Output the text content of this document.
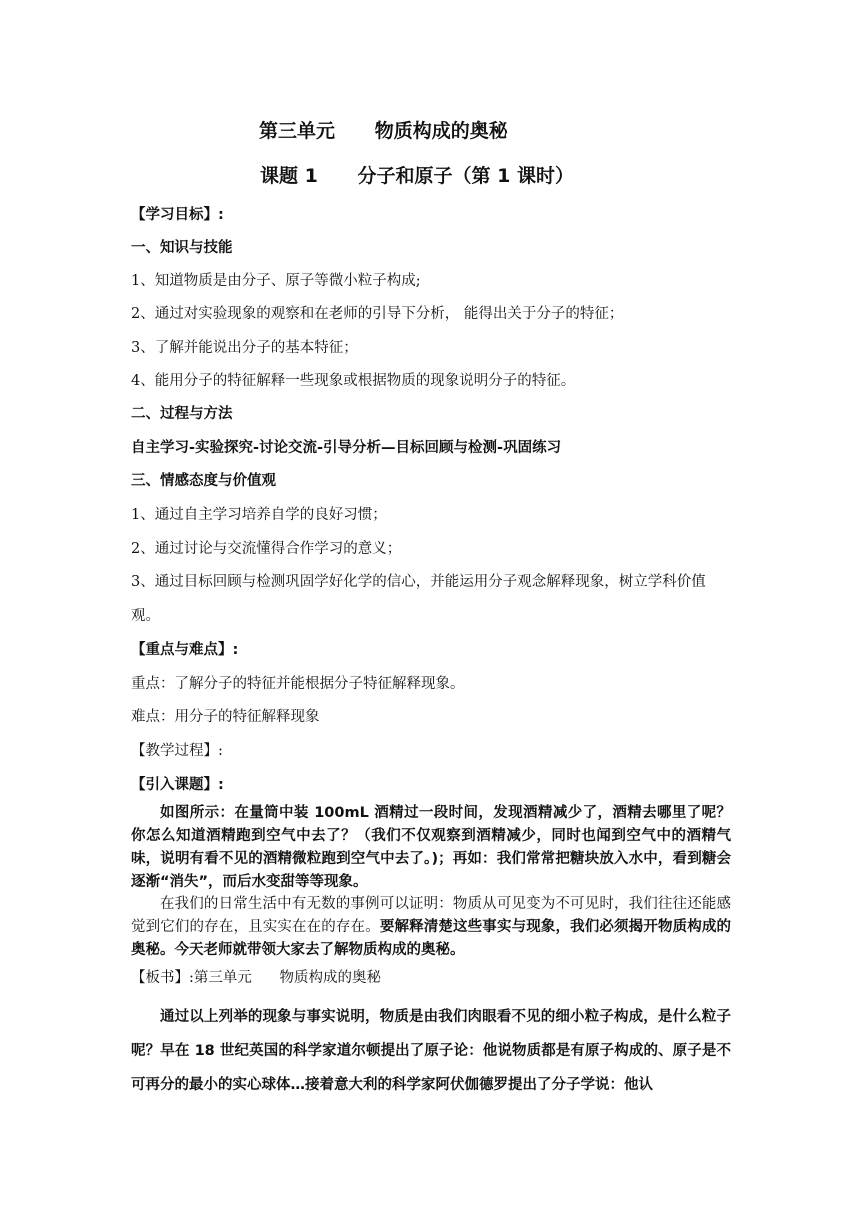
第三单元      物质构成的奥秘
课题 1      分子和原子（第 1 课时）
【学习目标】:
一、知识与技能
1、知道物质是由分子、原子等微小粒子构成;
2、通过对实验现象的观察和在老师的引导下分析， 能得出关于分子的特征；
3、了解并能说出分子的基本特征；
4、能用分子的特征解释一些现象或根据物质的现象说明分子的特征。
二、过程与方法
自主学习-实验探究-讨论交流-引导分析—目标回顾与检测-巩固练习
三、情感态度与价值观
1、通过自主学习培养自学的良好习惯；
2、通过讨论与交流懂得合作学习的意义；
3、通过目标回顾与检测巩固学好化学的信心，并能运用分子观念解释现象，树立学科价值
观。
【重点与难点】:
重点：了解分子的特征并能根据分子特征解释现象。
难点：用分子的特征解释现象
【教学过程】:
【引入课题】:
如图所示：在量筒中装 100mL 酒精过一段时间，发现酒精减少了，酒精去哪里了呢？你怎么知道酒精跑到空气中去了？（我们不仅观察到酒精减少，同时也闻到空气中的酒精气味，说明有看不见的酒精微粒跑到空气中去了。)；再如：我们常常把糖块放入水中，看到糖会逐渐“消失”，而后水变甜等等现象。
在我们的日常生活中有无数的事例可以证明：物质从可见变为不可见时，我们往往还能感觉到它们的存在，且实实在在的存在。要解释清楚这些事实与现象，我们必须揭开物质构成的奥秘。今天老师就带领大家去了解物质构成的奥秘。
【板书】:第三单元      物质构成的奥秘
通过以上列举的现象与事实说明，物质是由我们肉眼看不见的细小粒子构成，是什么粒子呢？早在 18 世纪英国的科学家道尔顿提出了原子论：他说物质都是有原子构成的、原子是不可再分的最小的实心球体…接着意大利的科学家阿伏伽德罗提出了分子学说：他认
